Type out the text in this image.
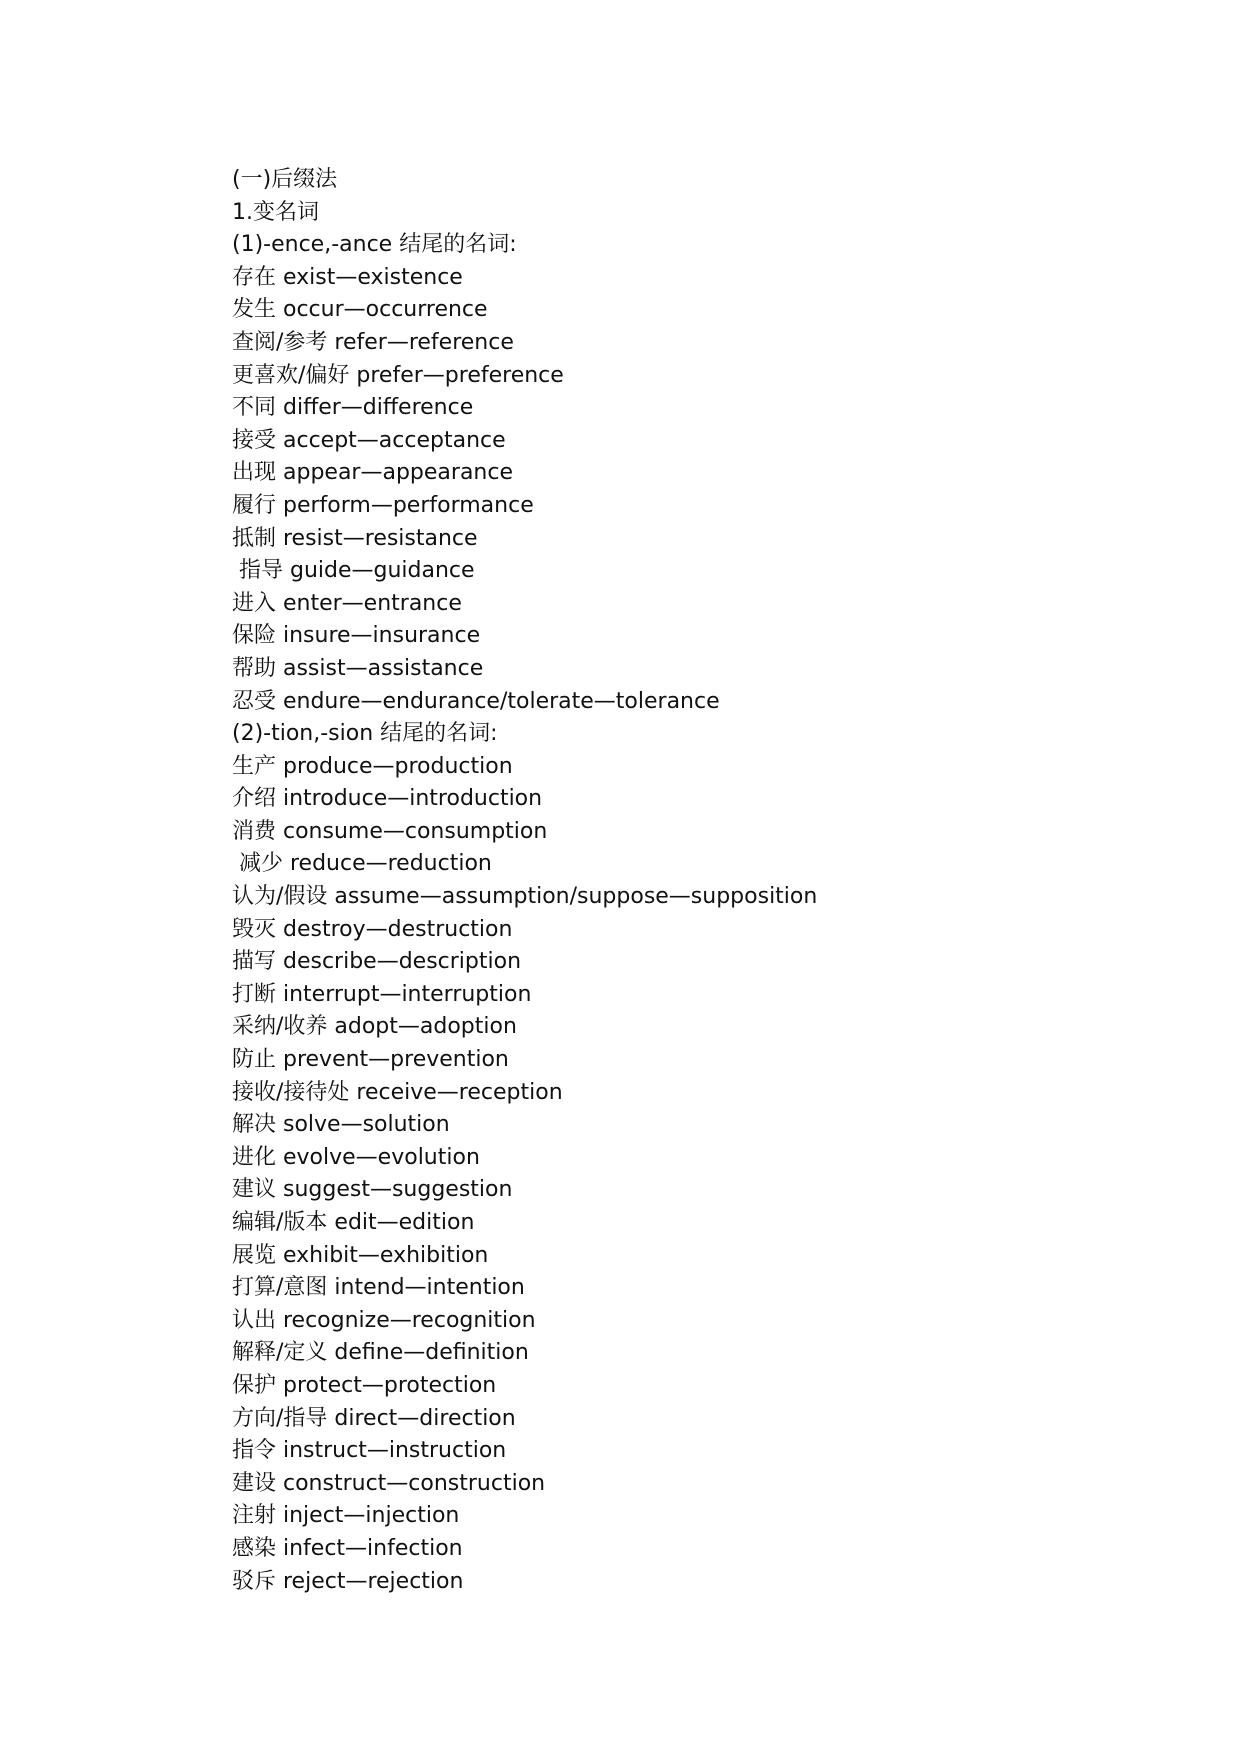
(一)后缀法
1.变名词
(1)-ence,-ance 结尾的名词:
存在 exist—existence
发生 occur—occurrence
查阅/参考 refer—reference
更喜欢/偏好 prefer—preference
不同 differ—difference
接受 accept—acceptance
出现 appear—appearance
履行 perform—performance
抵制 resist—resistance
指导 guide—guidance
进入 enter—entrance
保险 insure—insurance
帮助 assist—assistance
忍受 endure—endurance/tolerate—tolerance
(2)-tion,-sion 结尾的名词:
生产 produce—production
介绍 introduce—introduction
消费 consume—consumption
减少 reduce—reduction
认为/假设 assume—assumption/suppose—supposition
毁灭 destroy—destruction
描写 describe—description
打断 interrupt—interruption
采纳/收养 adopt—adoption
防止 prevent—prevention
接收/接待处 receive—reception
解决 solve—solution
进化 evolve—evolution
建议 suggest—suggestion
编辑/版本 edit—edition
展览 exhibit—exhibition
打算/意图 intend—intention
认出 recognize—recognition
解释/定义 define—definition
保护 protect—protection
方向/指导 direct—direction
指令 instruct—instruction
建设 construct—construction
注射 inject—injection
感染 infect—infection
驳斥 reject—rejection
